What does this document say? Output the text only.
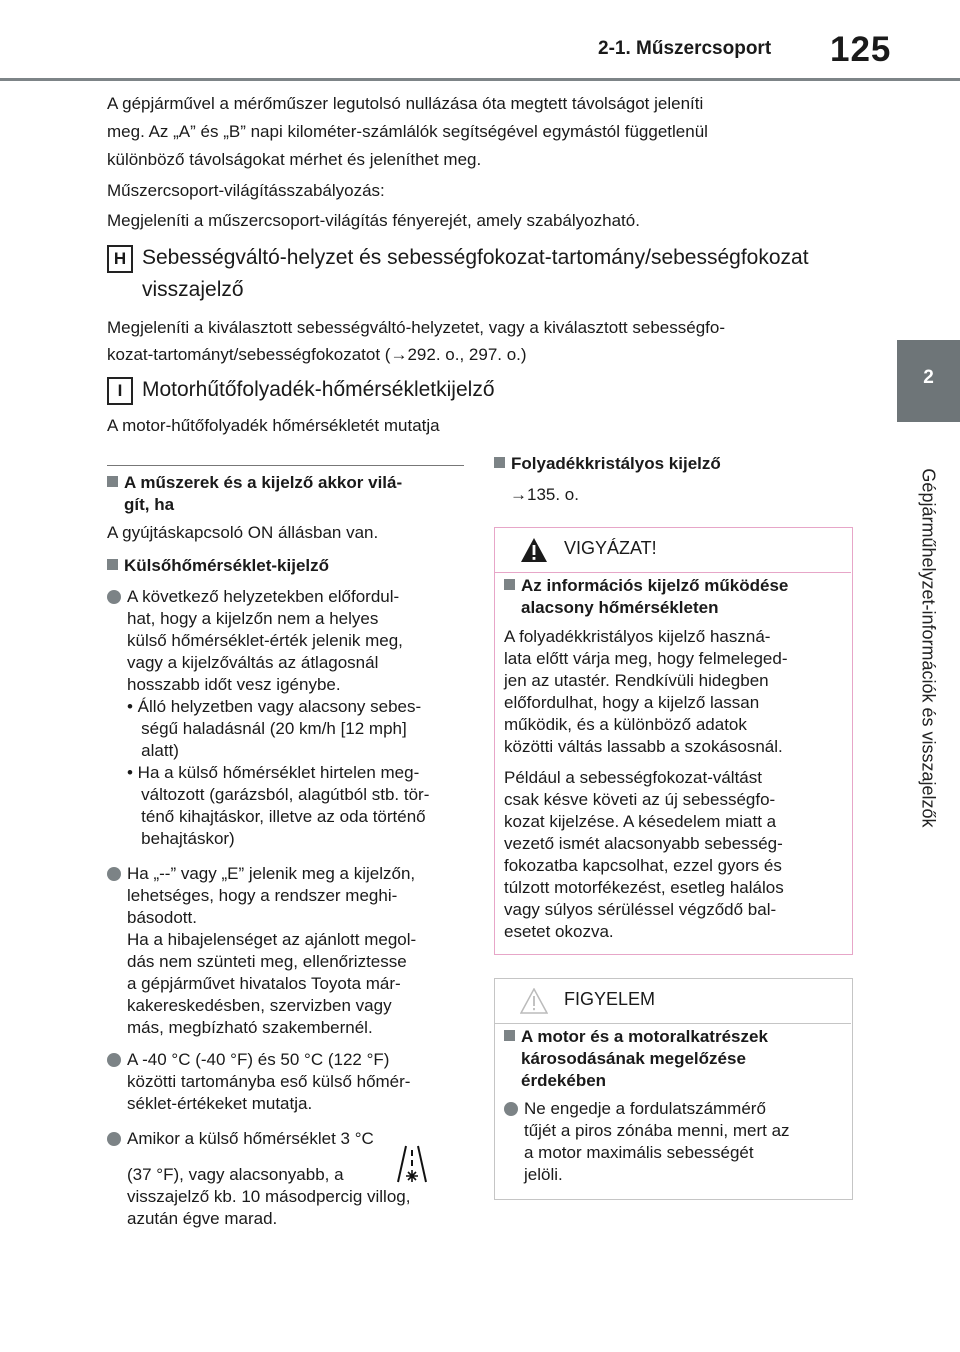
2-1. Műszercsoport 125
2
Gépjárműhelyzet-információk és visszajelzők
A gépjárművel a mérőműszer legutolsó nullázása óta megtett távolságot jeleníti
meg. Az „A” és „B” napi kilométer-számlálók segítségével egymástól függetlenül
különböző távolságokat mérhet és jeleníthet meg.
Műszercsoport-világításszabályozás:
Megjeleníti a műszercsoport-világítás fényerejét, amely szabályozható.
H Sebességváltó-helyzet és sebességfokozat-tartomány/sebességfokozat
visszajelző
Megjeleníti a kiválasztott sebességváltó-helyzetet, vagy a kiválasztott sebességfo-
kozat-tartományt/sebességfokozatot (→292. o., 297. o.)
I Motorhűtőfolyadék-hőmérsékletkijelző
A motor-hűtőfolyadék hőmérsékletét mutatja
A műszerek és a kijelző akkor vilá-
gít, ha
A gyújtáskapcsoló ON állásban van.
Külsőhőmérséklet-kijelző
A következő helyzetekben előfordul-
hat, hogy a kijelzőn nem a helyes
külső hőmérséklet-érték jelenik meg,
vagy a kijelzőváltás az átlagosnál
hosszabb időt vesz igénybe.
• Álló helyzetben vagy alacsony sebes-
ségű haladásnál (20 km/h [12 mph]
alatt)
• Ha a külső hőmérséklet hirtelen meg-
változott (garázsból, alagútból stb. tör-
ténő kihajtáskor, illetve az oda történő
behajtáskor)
Ha „--” vagy „E” jelenik meg a kijelzőn,
lehetséges, hogy a rendszer meghi-
básodott.
Ha a hibajelenséget az ajánlott megol-
dás nem szünteti meg, ellenőriztesse
a gépjárművet hivatalos Toyota már-
kakereskedésben, szervizben vagy
más, megbízható szakembernél.
A -40 °C (-40 °F) és 50 °C (122 °F)
közötti tartományba eső külső hőmér-
séklet-értékeket mutatja.
Amikor a külső hőmérséklet 3 °C
(37 °F), vagy alacsonyabb, a
visszajelző kb. 10 másodpercig villog,
azután égve marad.
Folyadékkristályos kijelző
→135. o.
VIGYÁZAT!
Az információs kijelző működése
alacsony hőmérsékleten
A folyadékkristályos kijelző haszná-
lata előtt várja meg, hogy felmeleged-
jen az utastér. Rendkívüli hidegben
előfordulhat, hogy a kijelző lassan
működik, és a különböző adatok
közötti váltás lassabb a szokásosnál.
Például a sebességfokozat-váltást
csak késve követi az új sebességfo-
kozat kijelzése. A késedelem miatt a
vezető ismét alacsonyabb sebesség-
fokozatba kapcsolhat, ezzel gyors és
túlzott motorfékezést, esetleg halálos
vagy súlyos sérüléssel végződő bal-
esetet okozva.
FIGYELEM
A motor és a motoralkatrészek
károsodásának megelőzése
érdekében
Ne engedje a fordulatszámmérő
tűjét a piros zónába menni, mert az
a motor maximális sebességét
jelöli.
